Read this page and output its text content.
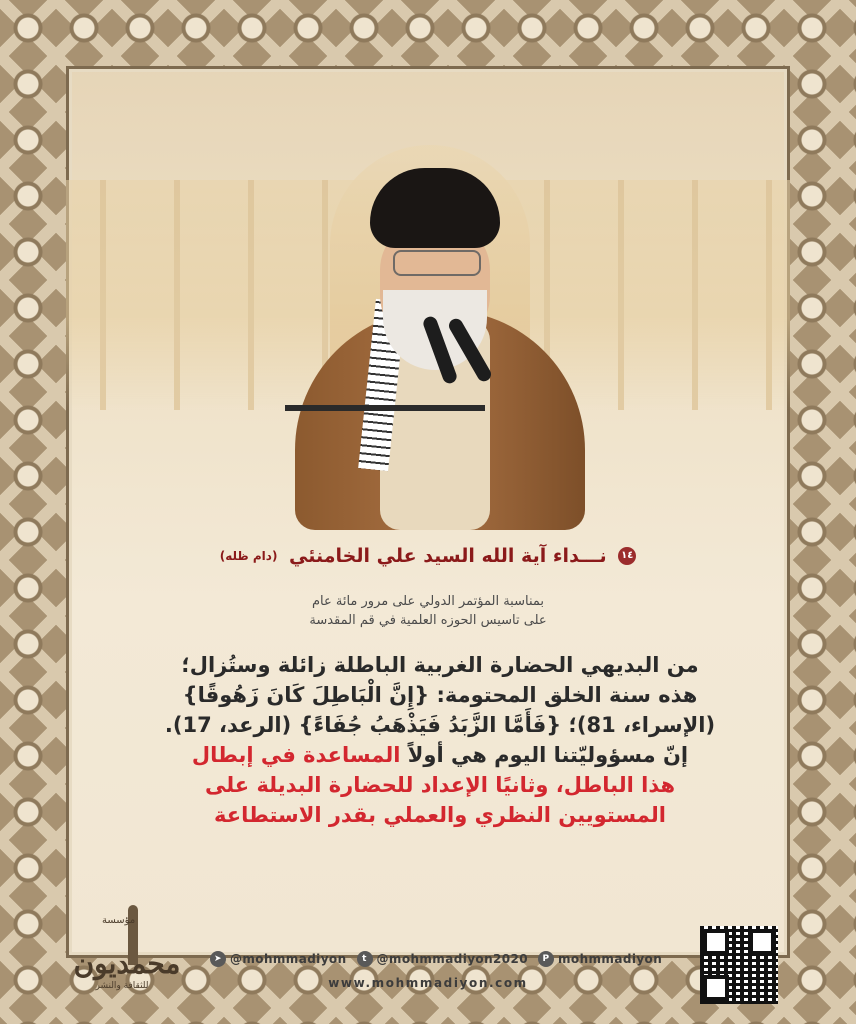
١٤ نـــداء آية الله السيد علي الخامنئي (دام ظله)
بمناسبة المؤتمر الدولي على مرور مائة عام
على تاسيس الحوزه العلمية في قم المقدسة
من البديهي الحضارة الغربية الباطلة زائلة وستُزال؛
هذه سنة الخلق المحتومة: {إِنَّ الْبَاطِلَ كَانَ زَهُوقًا}
(الإسراء، 81)؛ {فَأَمَّا الزَّبَدُ فَيَذْهَبُ جُفَاءً} (الرعد، 17).
إنّ مسؤوليّتنا اليوم هي أولاً المساعدة في إبطال
هذا الباطل، وثانيًا الإعداد للحضارة البديلة على
المستويين النظري والعملي بقدر الاستطاعة
مؤسسة
محمديون
للثقافة والنشر
➤ @mohmmadiyon	t @mohmmadiyon2020	P mohmmadiyon
www.mohmmadiyon.com
